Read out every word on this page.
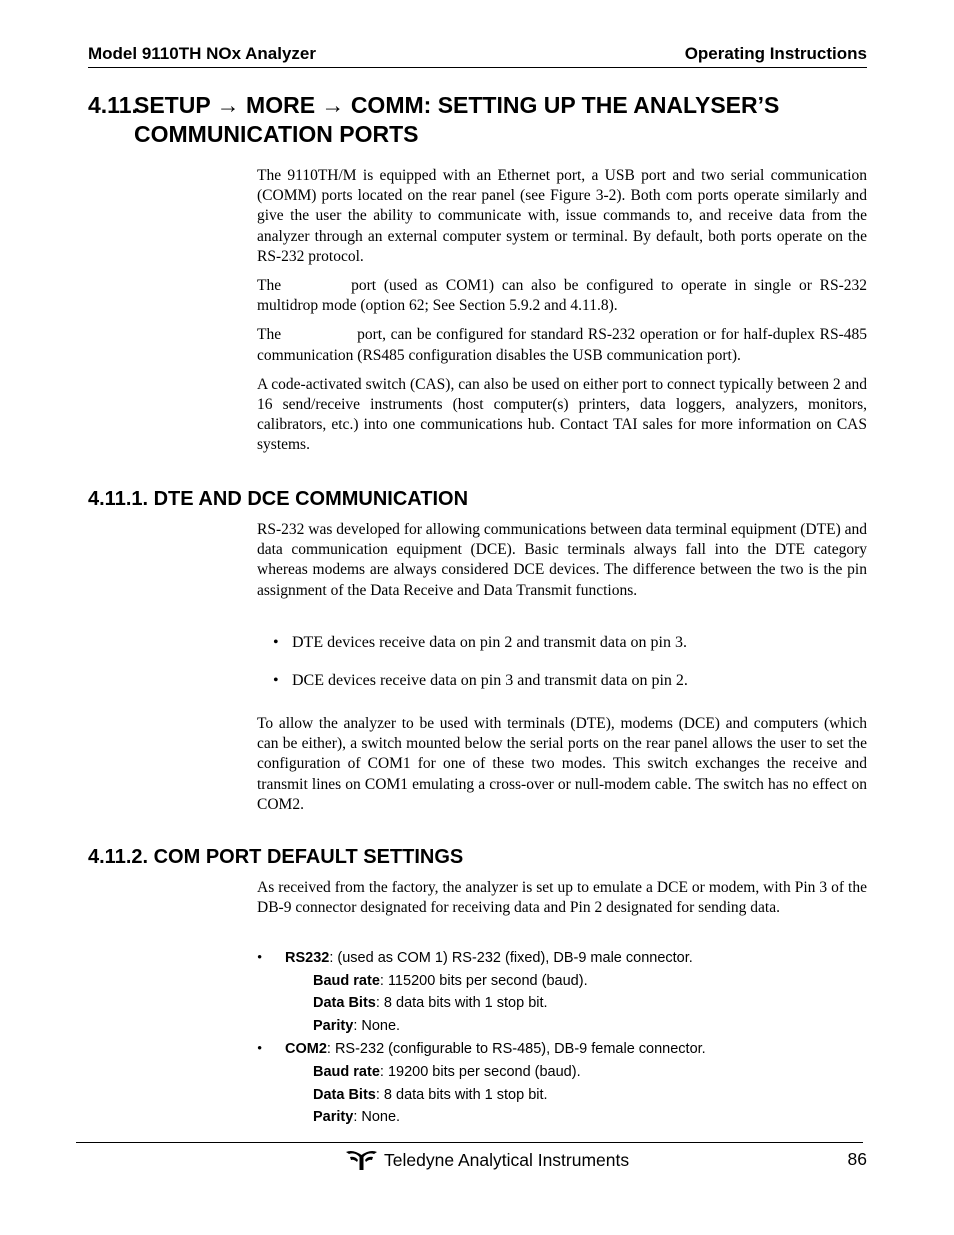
Model 9110TH NOx Analyzer	Operating Instructions
4.11.SETUP → MORE → COMM: SETTING UP THE ANALYSER’S
COMMUNICATION PORTS

The 9110TH/M is equipped with an Ethernet port, a USB port and two serial communication (COMM) ports located on the rear panel (see Figure 3-2). Both com ports operate similarly and give the user the ability to communicate with, issue commands to, and receive data from the analyzer through an external computer system or terminal. By default, both ports operate on the RS-232 protocol.

The	port (used as COM1) can also be configured to operate in single or RS-232 multidrop mode (option 62; See Section 5.9.2 and 4.11.8).

The	port, can be configured for standard RS-232 operation or for half-duplex RS-485 communication (RS485 configuration disables the USB communication port).

A code-activated switch (CAS), can also be used on either port to connect typically between 2 and 16 send/receive instruments (host computer(s) printers, data loggers, analyzers, monitors, calibrators, etc.) into one communications hub. Contact TAI sales for more information on CAS systems.

4.11.1. DTE AND DCE COMMUNICATION

RS-232 was developed for allowing communications between data terminal equipment (DTE) and data communication equipment (DCE). Basic terminals always fall into the DTE category whereas modems are always considered DCE devices. The difference between the two is the pin assignment of the Data Receive and Data Transmit functions.

• DTE devices receive data on pin 2 and transmit data on pin 3.
• DCE devices receive data on pin 3 and transmit data on pin 2.

To allow the analyzer to be used with terminals (DTE), modems (DCE) and computers (which can be either), a switch mounted below the serial ports on the rear panel allows the user to set the configuration of COM1 for one of these two modes. This switch exchanges the receive and transmit lines on COM1 emulating a cross-over or null-modem cable. The switch has no effect on COM2.

4.11.2. COM PORT DEFAULT SETTINGS

As received from the factory, the analyzer is set up to emulate a DCE or modem, with Pin 3 of the DB-9 connector designated for receiving data and Pin 2 designated for sending data.

• RS232: (used as COM 1) RS-232 (fixed), DB-9 male connector.
Baud rate: 115200 bits per second (baud).
Data Bits: 8 data bits with 1 stop bit.
Parity: None.
• COM2: RS-232 (configurable to RS-485), DB-9 female connector.
Baud rate: 19200 bits per second (baud).
Data Bits: 8 data bits with 1 stop bit.
Parity: None.
Teledyne Analytical Instruments	86
